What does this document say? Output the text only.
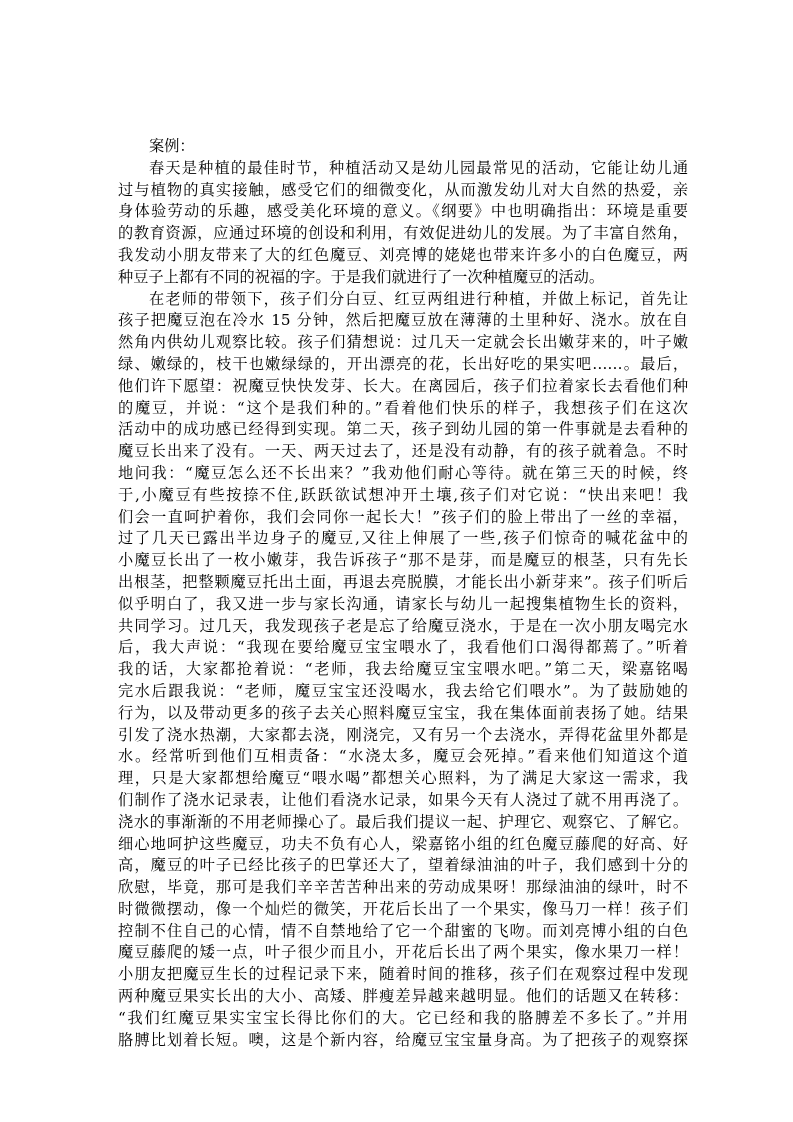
案例：
春天是种植的最佳时节，种植活动又是幼儿园最常见的活动，它能让幼儿通
过与植物的真实接触，感受它们的细微变化，从而激发幼儿对大自然的热爱，亲
身体验劳动的乐趣，感受美化环境的意义。《纲要》中也明确指出：环境是重要
的教育资源，应通过环境的创设和利用，有效促进幼儿的发展。为了丰富自然角，
我发动小朋友带来了大的红色魔豆、刘亮博的姥姥也带来许多小的白色魔豆，两
种豆子上都有不同的祝福的字。于是我们就进行了一次种植魔豆的活动。
在老师的带领下，孩子们分白豆、红豆两组进行种植，并做上标记，首先让
孩子把魔豆泡在冷水 15 分钟，然后把魔豆放在薄薄的土里种好、浇水。放在自
然角内供幼儿观察比较。孩子们猜想说：过几天一定就会长出嫩芽来的，叶子嫩
绿、嫩绿的，枝干也嫩绿绿的，开出漂亮的花，长出好吃的果实吧……。最后，
他们许下愿望：祝魔豆快快发芽、长大。在离园后，孩子们拉着家长去看他们种
的魔豆，并说：“这个是我们种的。”看着他们快乐的样子，我想孩子们在这次
活动中的成功感已经得到实现。第二天，孩子到幼儿园的第一件事就是去看种的
魔豆长出来了没有。一天、两天过去了，还是没有动静，有的孩子就着急。不时
地问我：“魔豆怎么还不长出来？”我劝他们耐心等待。就在第三天的时候，终
于,小魔豆有些按捺不住,跃跃欲试想冲开土壤,孩子们对它说：“快出来吧！我
们会一直呵护着你，我们会同你一起长大！”孩子们的脸上带出了一丝的幸福，
过了几天已露出半边身子的魔豆,又往上伸展了一些,孩子们惊奇的喊花盆中的
小魔豆长出了一枚小嫩芽，我告诉孩子“那不是芽，而是魔豆的根茎，只有先长
出根茎，把整颗魔豆托出土面，再退去亮脱膜，才能长出小新芽来”。孩子们听后
似乎明白了，我又进一步与家长沟通，请家长与幼儿一起搜集植物生长的资料，
共同学习。过几天，我发现孩子老是忘了给魔豆浇水，于是在一次小朋友喝完水
后，我大声说：“我现在要给魔豆宝宝喂水了，我看他们口渴得都蔫了。”听着
我的话，大家都抢着说：“老师，我去给魔豆宝宝喂水吧。”第二天，梁嘉铭喝
完水后跟我说：“老师，魔豆宝宝还没喝水，我去给它们喂水”。为了鼓励她的
行为，以及带动更多的孩子去关心照料魔豆宝宝，我在集体面前表扬了她。结果
引发了浇水热潮，大家都去浇，刚浇完，又有另一个去浇水，弄得花盆里外都是
水。经常听到他们互相责备：“水浇太多，魔豆会死掉。”看来他们知道这个道
理，只是大家都想给魔豆“喂水喝”都想关心照料，为了满足大家这一需求，我
们制作了浇水记录表，让他们看浇水记录，如果今天有人浇过了就不用再浇了。
浇水的事渐渐的不用老师操心了。最后我们提议一起、护理它、观察它、了解它。
细心地呵护这些魔豆，功夫不负有心人，梁嘉铭小组的红色魔豆藤爬的好高、好
高，魔豆的叶子已经比孩子的巴掌还大了，望着绿油油的叶子，我们感到十分的
欣慰，毕竟，那可是我们辛辛苦苦种出来的劳动成果呀！那绿油油的绿叶，时不
时微微摆动，像一个灿烂的微笑，开花后长出了一个果实，像马刀一样！孩子们
控制不住自己的心情，情不自禁地给了它一个甜蜜的飞吻。而刘亮博小组的白色
魔豆藤爬的矮一点，叶子很少而且小，开花后长出了两个果实，像水果刀一样！
小朋友把魔豆生长的过程记录下来，随着时间的推移，孩子们在观察过程中发现
两种魔豆果实长出的大小、高矮、胖瘦差异越来越明显。他们的话题又在转移：
“我们红魔豆果实宝宝长得比你们的大。它已经和我的胳膊差不多长了。”并用
胳膊比划着长短。噢，这是个新内容，给魔豆宝宝量身高。为了把孩子的观察探
